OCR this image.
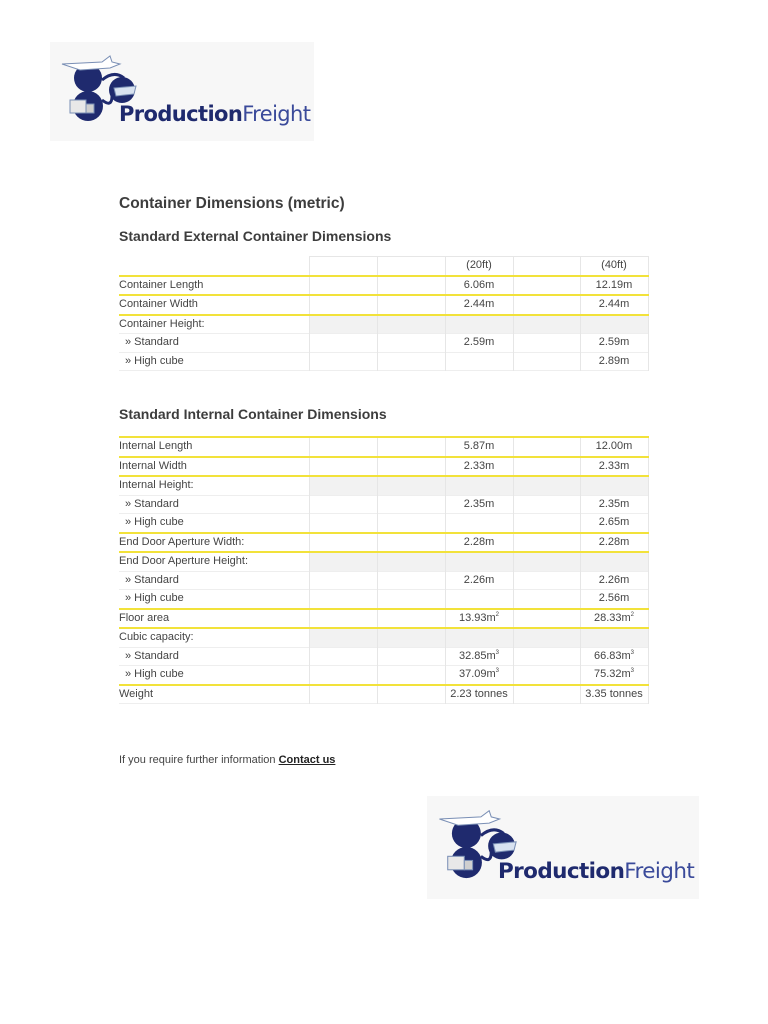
ProductionFreight
Container Dimensions (metric)
Standard External Container Dimensions
			(20ft)		(40ft)
Container Length			6.06m		12.19m
Container Width			2.44m		2.44m
Container Height:					
» Standard			2.59m		2.59m
» High cube					2.89m
Standard Internal Container Dimensions
Internal Length			5.87m		12.00m
Internal Width			2.33m		2.33m
Internal Height:					
» Standard			2.35m		2.35m
» High cube					2.65m
End Door Aperture Width:			2.28m		2.28m
End Door Aperture Height:					
» Standard			2.26m		2.26m
» High cube					2.56m
Floor area			$13.93m^2$		$28.33m^2$
Cubic capacity:					
» Standard			$32.85m^3$		$66.83m^3$
» High cube			$37.09m^3$		$75.32m^3$
Weight			2.23 tonnes		3.35 tonnes
If you require further information Contact us
ProductionFreight
